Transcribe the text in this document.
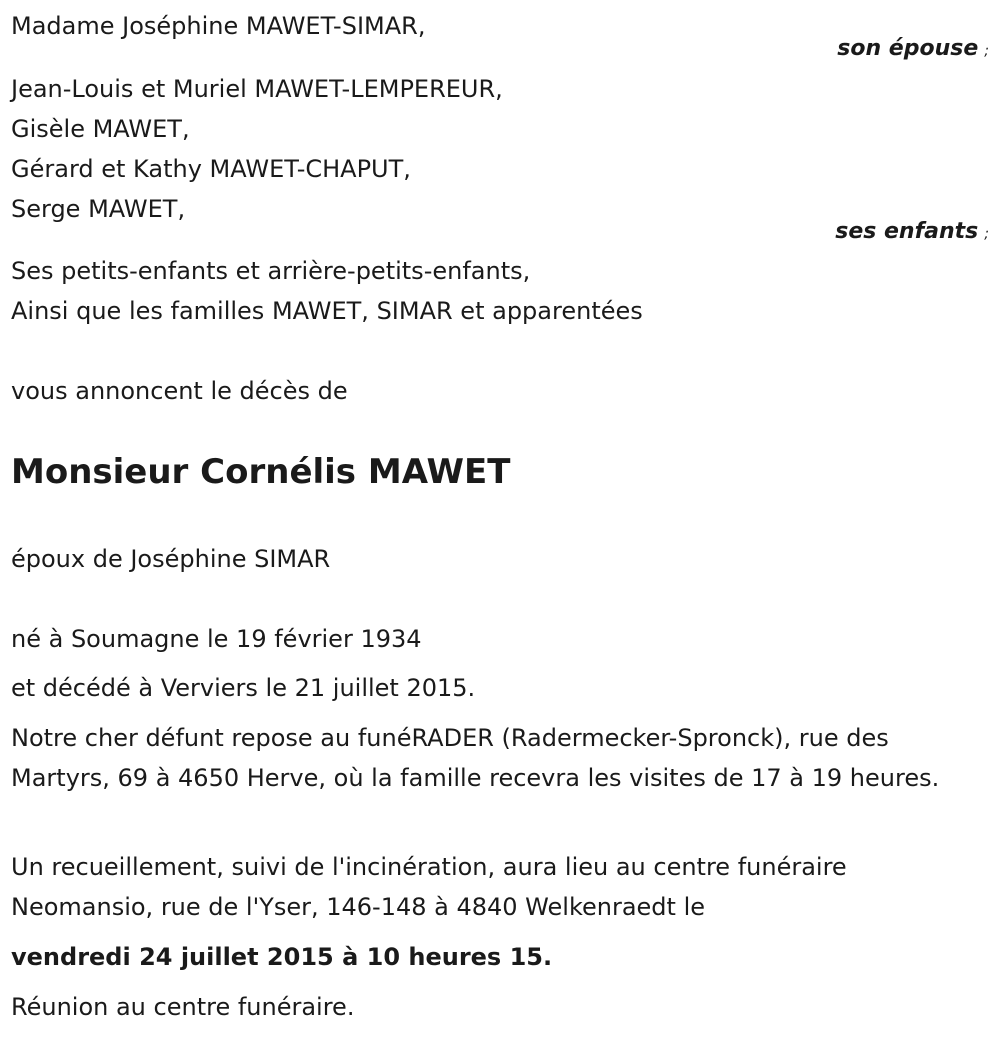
Madame Joséphine MAWET-SIMAR,
son épouse ;
Jean-Louis et Muriel MAWET-LEMPEREUR,
Gisèle MAWET,
Gérard et Kathy MAWET-CHAPUT,
Serge MAWET,
ses enfants ;
Ses petits-enfants et arrière-petits-enfants,
Ainsi que les familles MAWET, SIMAR et apparentées
vous annoncent le décès de
Monsieur Cornélis MAWET
époux de Joséphine SIMAR
né à Soumagne le 19 février 1934
et décédé à Verviers le 21 juillet 2015.
Notre cher défunt repose au funéRADER (Radermecker-Spronck), rue des Martyrs, 69 à 4650 Herve, où la famille recevra les visites de 17 à 19 heures.
Un recueillement, suivi de l'incinération, aura lieu au centre funéraire Neomansio, rue de l'Yser, 146-148 à 4840 Welkenraedt le
vendredi 24 juillet 2015 à 10 heures 15.
Réunion au centre funéraire.
